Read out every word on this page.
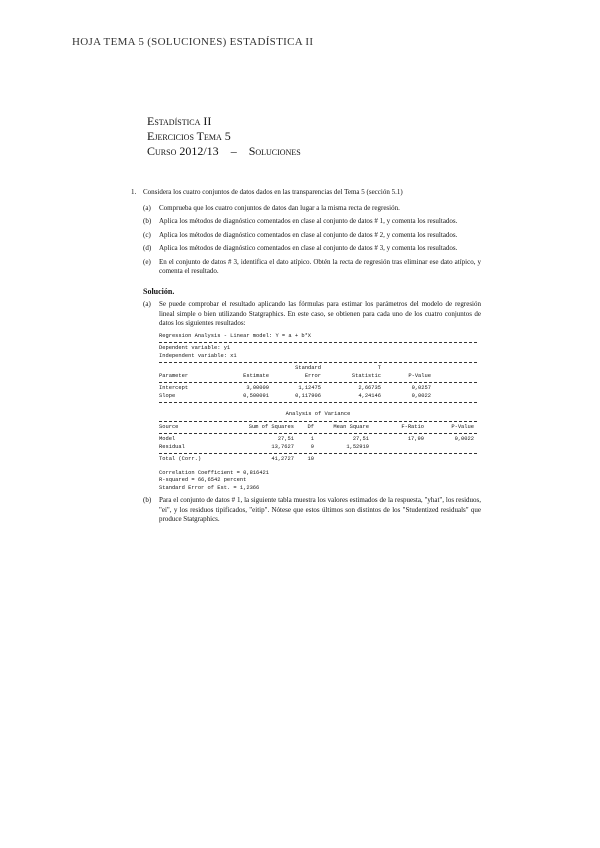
HOJA TEMA 5 (SOLUCIONES) ESTADÍSTICA II
Estadística II
Ejercicios Tema 5
Curso 2012/13 – Soluciones
1. Considera los cuatro conjuntos de datos dados en las transparencias del Tema 5 (sección 5.1)
(a)	Comprueba que los cuatro conjuntos de datos dan lugar a la misma recta de regresión.
(b)	Aplica los métodos de diagnóstico comentados en clase al conjunto de datos # 1, y comenta los resultados.
(c)	Aplica los métodos de diagnóstico comentados en clase al conjunto de datos # 2, y comenta los resultados.
(d)	Aplica los métodos de diagnóstico comentados en clase al conjunto de datos # 3, y comenta los resultados.
(e)	En el conjunto de datos # 3, identifica el dato atípico. Obtén la recta de regresión tras eliminar ese dato atípico, y comenta el resultado.
Solución.
(a)	Se puede comprobar el resultado aplicando las fórmulas para estimar los parámetros del modelo de regresión lineal simple o bien utilizando Statgraphics. En este caso, se obtienen para cada uno de los cuatro conjuntos de datos los siguientes resultados:
Regression Analysis - Linear model: Y = a + b*X
Dependent variable: y1
Independent variable: x1
Standard	T
Parameter	Estimate	Error	Statistic	P-Value
Intercept	3,00009	1,12475	2,66735	0,0257
Slope	0,500091	0,117906	4,24146	0,0022
Analysis of Variance
Source	Sum of Squares	Df	Mean Square	F-Ratio	P-Value
Model	27,51	1	27,51	17,99	0,0022
Residual	13,7627	9	1,52919
Total (Corr.)	41,2727	10
Correlation Coefficient = 0,816421
R-squared = 66,6542 percent
Standard Error of Est. = 1,2366
(b)	Para el conjunto de datos # 1, la siguiente tabla muestra los valores estimados de la respuesta, "yhat", los residuos, "ei", y los residuos tipificados, "eitip". Nótese que estos últimos son distintos de los "Studentized residuals" que produce Statgraphics.
